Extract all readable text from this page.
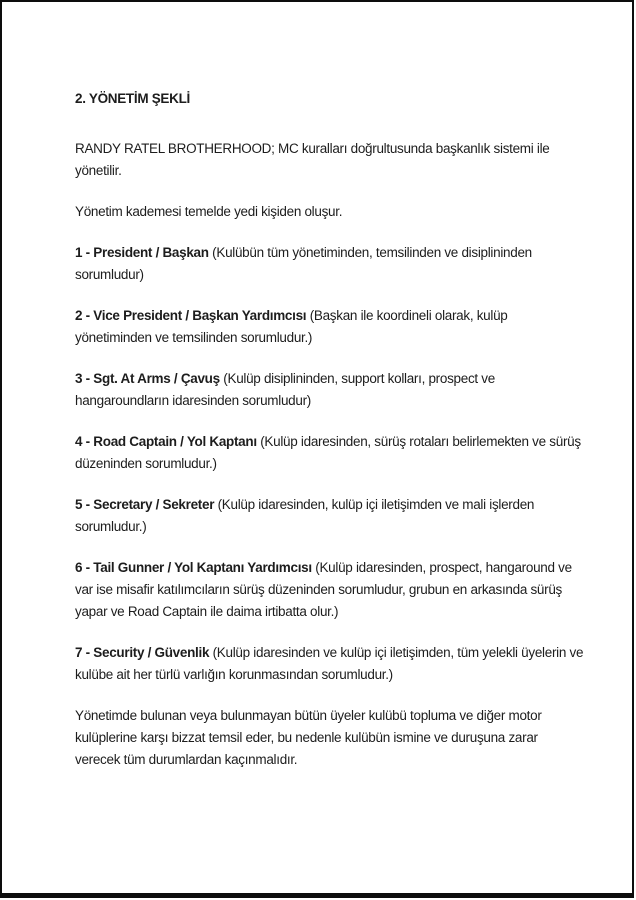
2. YÖNETİM ŞEKLİ

RANDY RATEL BROTHERHOOD; MC kuralları doğrultusunda başkanlık sistemi ile yönetilir.

Yönetim kademesi temelde yedi kişiden oluşur.

1 - President / Başkan (Kulübün tüm yönetiminden, temsilinden ve disiplininden sorumludur)

2 - Vice President / Başkan Yardımcısı (Başkan ile koordineli olarak, kulüp yönetiminden ve temsilinden sorumludur.)

3 - Sgt. At Arms / Çavuş (Kulüp disiplininden, support kolları, prospect ve hangaroundların idaresinden sorumludur)

4 - Road Captain / Yol Kaptanı (Kulüp idaresinden, sürüş rotaları belirlemekten ve sürüş düzeninden sorumludur.)

5 - Secretary / Sekreter (Kulüp idaresinden, kulüp içi iletişimden ve mali işlerden sorumludur.)

6 - Tail Gunner / Yol Kaptanı Yardımcısı (Kulüp idaresinden, prospect, hangaround ve var ise misafir katılımcıların sürüş düzeninden sorumludur, grubun en arkasında sürüş yapar ve Road Captain ile daima irtibatta olur.)

7 - Security / Güvenlik (Kulüp idaresinden ve kulüp içi iletişimden, tüm yelekli üyelerin ve kulübe ait her türlü varlığın korunmasından sorumludur.)

Yönetimde bulunan veya bulunmayan bütün üyeler kulübü topluma ve diğer motor kulüplerine karşı bizzat temsil eder, bu nedenle kulübün ismine ve duruşuna zarar verecek tüm durumlardan kaçınmalıdır.
